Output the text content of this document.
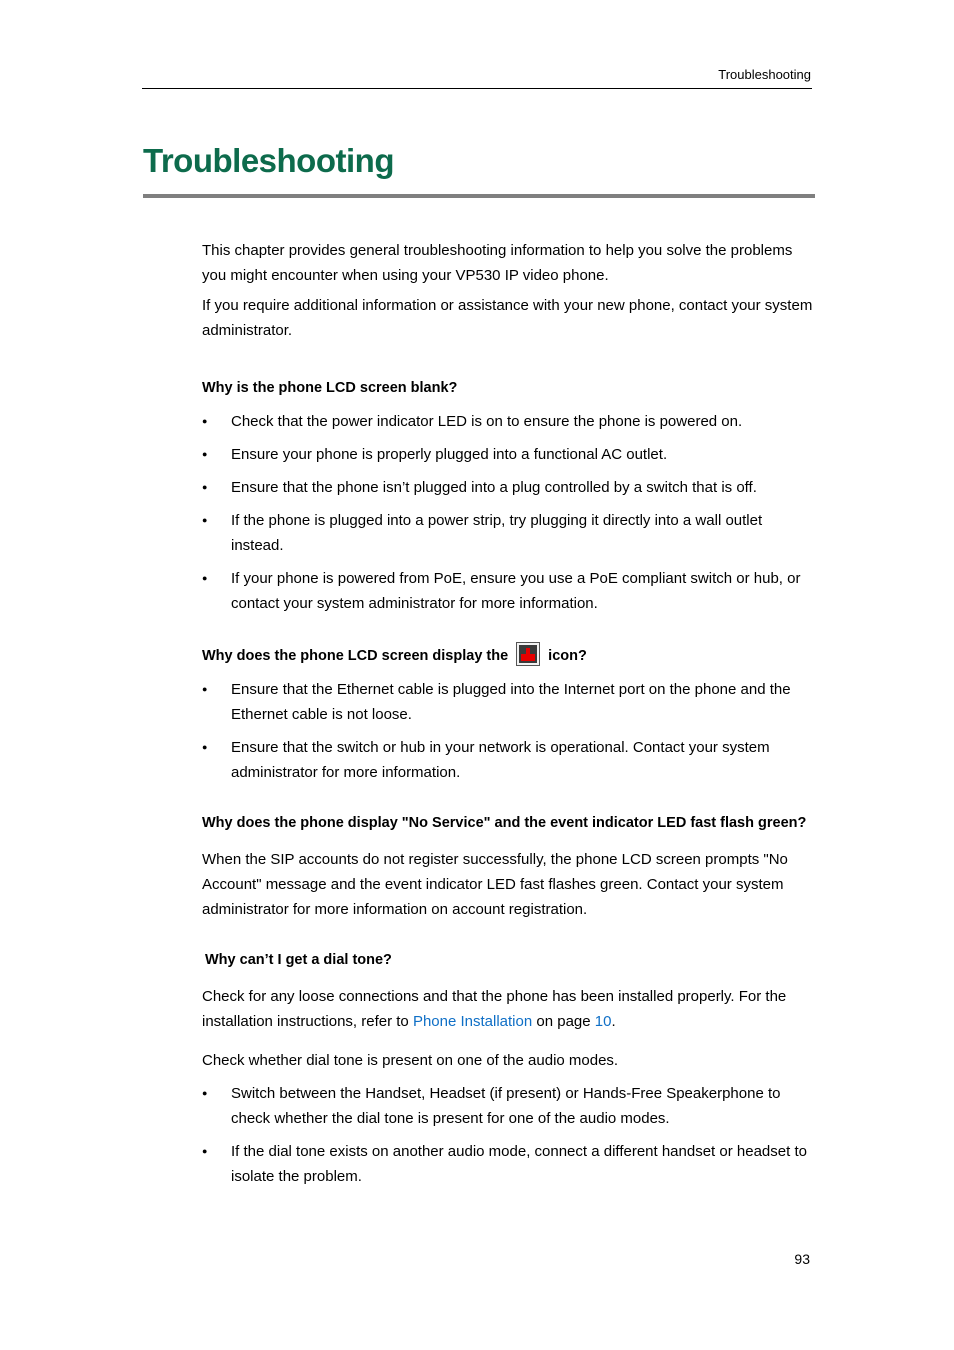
Troubleshooting
Troubleshooting

This chapter provides general troubleshooting information to help you solve the problems you might encounter when using your VP530 IP video phone.

If you require additional information or assistance with your new phone, contact your system administrator.

Why is the phone LCD screen blank?

● Check that the power indicator LED is on to ensure the phone is powered on.
● Ensure your phone is properly plugged into a functional AC outlet.
● Ensure that the phone isn’t plugged into a plug controlled by a switch that is off.
● If the phone is plugged into a power strip, try plugging it directly into a wall outlet instead.
● If your phone is powered from PoE, ensure you use a PoE compliant switch or hub, or contact your system administrator for more information.

Why does the phone LCD screen display the	icon?

● Ensure that the Ethernet cable is plugged into the Internet port on the phone and the Ethernet cable is not loose.
● Ensure that the switch or hub in your network is operational. Contact your system administrator for more information.

Why does the phone display "No Service" and the event indicator LED fast flash green?

When the SIP accounts do not register successfully, the phone LCD screen prompts "No Account" message and the event indicator LED fast flashes green. Contact your system administrator for more information on account registration.

Why can’t I get a dial tone?

Check for any loose connections and that the phone has been installed properly. For the installation instructions, refer to Phone Installation on page 10.

Check whether dial tone is present on one of the audio modes.

● Switch between the Handset, Headset (if present) or Hands-Free Speakerphone to check whether the dial tone is present for one of the audio modes.
● If the dial tone exists on another audio mode, connect a different handset or headset to isolate the problem.
93
